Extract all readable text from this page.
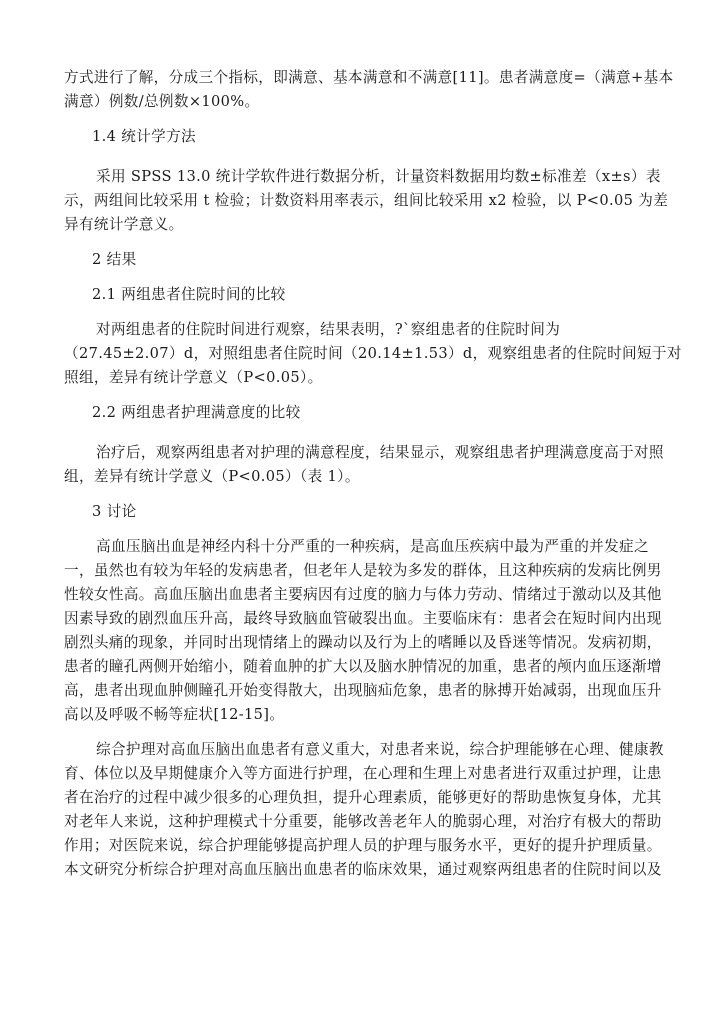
方式进行了解，分成三个指标，即满意、基本满意和不满意[11]。患者满意度=（满意+基本
满意）例数/总例数×100%。

1.4 统计学方法

采用 SPSS 13.0 统计学软件进行数据分析，计量资料数据用均数±标准差（x±s）表
示，两组间比较采用 t 检验；计数资料用率表示，组间比较采用 x2 检验，以 P<0.05 为差
异有统计学意义。

2 结果

2.1 两组患者住院时间的比较

对两组患者的住院时间进行观察，结果表明，?`察组患者的住院时间为
（27.45±2.07）d，对照组患者住院时间（20.14±1.53）d，观察组患者的住院时间短于对
照组，差异有统计学意义（P<0.05）。

2.2 两组患者护理满意度的比较

治疗后，观察两组患者对护理的满意程度，结果显示，观察组患者护理满意度高于对照
组，差异有统计学意义（P<0.05）（表 1）。

3 讨论

高血压脑出血是神经内科十分严重的一种疾病，是高血压疾病中最为严重的并发症之
一，虽然也有较为年轻的发病患者，但老年人是较为多发的群体，且这种疾病的发病比例男
性较女性高。高血压脑出血患者主要病因有过度的脑力与体力劳动、情绪过于激动以及其他
因素导致的剧烈血压升高，最终导致脑血管破裂出血。主要临床有：患者会在短时间内出现
剧烈头痛的现象，并同时出现情绪上的躁动以及行为上的嗜睡以及昏迷等情况。发病初期，
患者的瞳孔两侧开始缩小，随着血肿的扩大以及脑水肿情况的加重，患者的颅内血压逐渐增
高，患者出现血肿侧瞳孔开始变得散大，出现脑疝危象，患者的脉搏开始减弱，出现血压升
高以及呼吸不畅等症状[12-15]。

综合护理对高血压脑出血患者有意义重大，对患者来说，综合护理能够在心理、健康教
育、体位以及早期健康介入等方面进行护理，在心理和生理上对患者进行双重过护理，让患
者在治疗的过程中减少很多的心理负担，提升心理素质，能够更好的帮助患恢复身体，尤其
对老年人来说，这种护理模式十分重要，能够改善老年人的脆弱心理，对治疗有极大的帮助
作用；对医院来说，综合护理能够提高护理人员的护理与服务水平，更好的提升护理质量。
本文研究分析综合护理对高血压脑出血患者的临床效果，通过观察两组患者的住院时间以及
